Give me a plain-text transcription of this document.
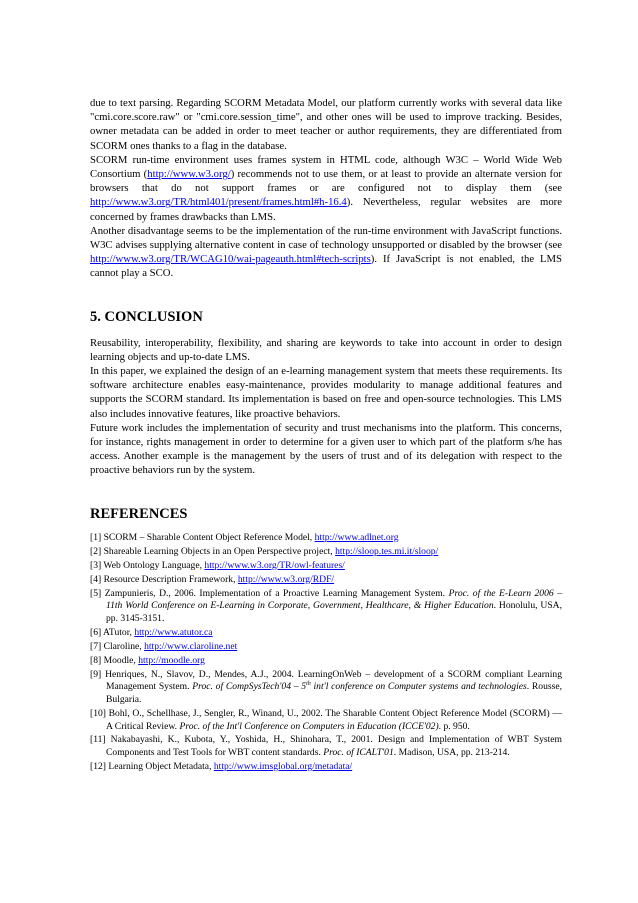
due to text parsing. Regarding SCORM Metadata Model, our platform currently works with several data like "cmi.core.score.raw" or "cmi.core.session_time", and other ones will be used to improve tracking. Besides, owner metadata can be added in order to meet teacher or author requirements, they are differentiated from SCORM ones thanks to a flag in the database.

SCORM run-time environment uses frames system in HTML code, although W3C – World Wide Web Consortium (http://www.w3.org/) recommends not to use them, or at least to provide an alternate version for browsers that do not support frames or are configured not to display them (see http://www.w3.org/TR/html401/present/frames.html#h-16.4). Nevertheless, regular websites are more concerned by frames drawbacks than LMS.

Another disadvantage seems to be the implementation of the run-time environment with JavaScript functions. W3C advises supplying alternative content in case of technology unsupported or disabled by the browser (see http://www.w3.org/TR/WCAG10/wai-pageauth.html#tech-scripts). If JavaScript is not enabled, the LMS cannot play a SCO.

5. CONCLUSION

Reusability, interoperability, flexibility, and sharing are keywords to take into account in order to design learning objects and up-to-date LMS.

In this paper, we explained the design of an e-learning management system that meets these requirements. Its software architecture enables easy-maintenance, provides modularity to manage additional features and supports the SCORM standard. Its implementation is based on free and open-source technologies. This LMS also includes innovative features, like proactive behaviors.

Future work includes the implementation of security and trust mechanisms into the platform. This concerns, for instance, rights management in order to determine for a given user to which part of the platform s/he has access. Another example is the management by the users of trust and of its delegation with respect to the proactive behaviors run by the system.

REFERENCES
[1] SCORM – Sharable Content Object Reference Model, http://www.adlnet.org
[2] Shareable Learning Objects in an Open Perspective project, http://sloop.tes.mi.it/sloop/
[3] Web Ontology Language, http://www.w3.org/TR/owl-features/
[4] Resource Description Framework, http://www.w3.org/RDF/
[5] Zampunieris, D., 2006. Implementation of a Proactive Learning Management System. Proc. of the E-Learn 2006 – 11th World Conference on E-Learning in Corporate, Government, Healthcare, & Higher Education. Honolulu, USA, pp. 3145-3151.
[6] ATutor, http://www.atutor.ca
[7] Claroline, http://www.claroline.net
[8] Moodle, http://moodle.org
[9] Henriques, N., Slavov, D., Mendes, A.J., 2004. LearningOnWeb – development of a SCORM compliant Learning Management System. Proc. of CompSysTech'04 – 5th int'l conference on Computer systems and technologies. Rousse, Bulgaria.
[10] Bohl, O., Schellhase, J., Sengler, R., Winand, U., 2002. The Sharable Content Object Reference Model (SCORM) — A Critical Review. Proc. of the Int'l Conference on Computers in Education (ICCE'02). p. 950.
[11] Nakabayashi, K., Kubota, Y., Yoshida, H., Shinohara, T., 2001. Design and Implementation of WBT System Components and Test Tools for WBT content standards. Proc. of ICALT'01. Madison, USA, pp. 213-214.
[12] Learning Object Metadata, http://www.imsglobal.org/metadata/
